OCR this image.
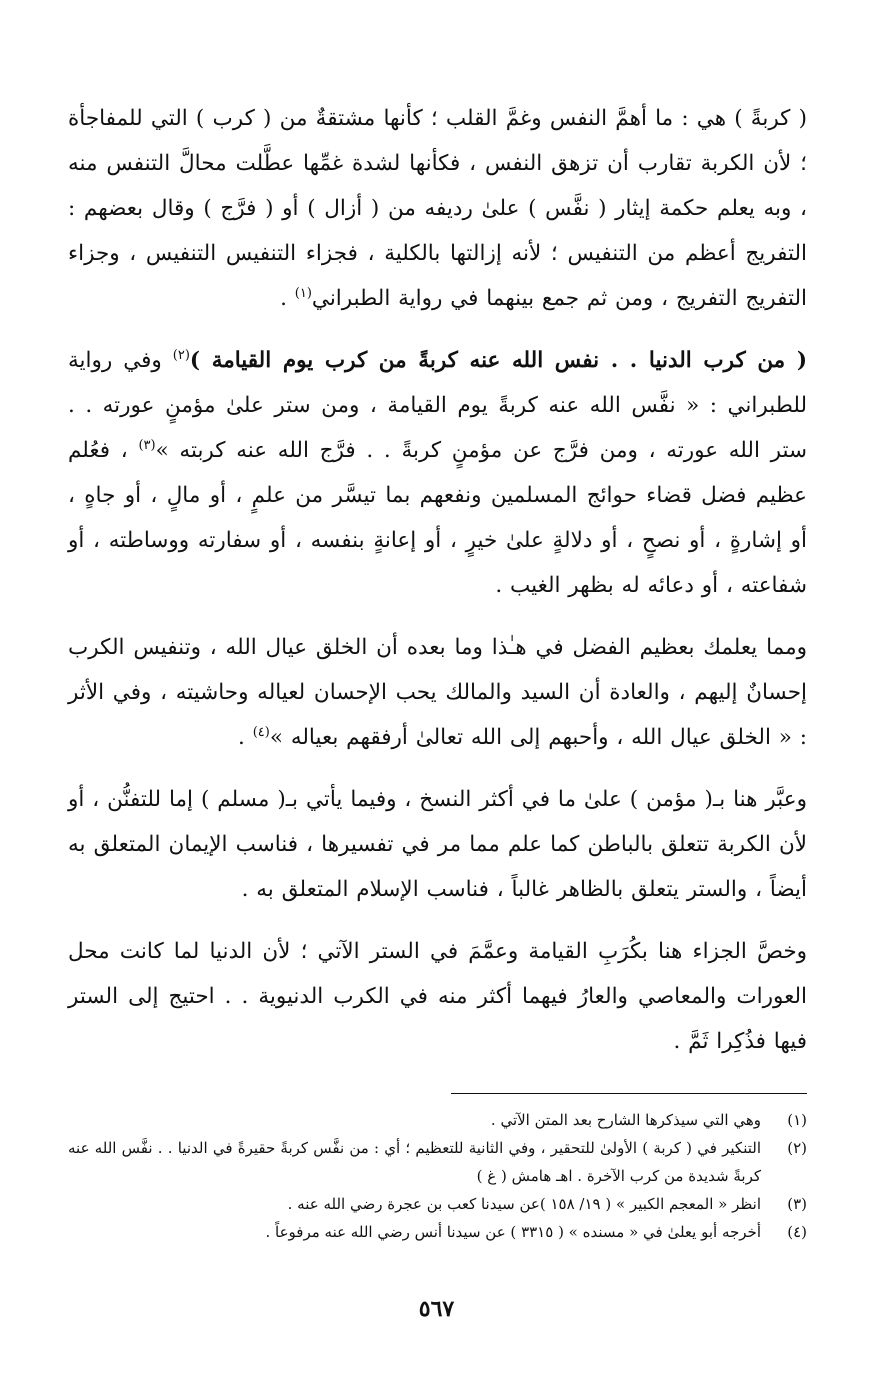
( كربةً ) هي : ما أهمَّ النفس وغمَّ القلب ؛ كأنها مشتقةٌ من ( كرب ) التي للمفاجأة ؛ لأن الكربة تقارب أن تزهق النفس ، فكأنها لشدة غمِّها عطَّلت محالَّ التنفس منه ، وبه يعلم حكمة إيثار ( نفَّس ) علىٰ رديفه من ( أزال ) أو ( فرَّج ) وقال بعضهم : التفريج أعظم من التنفيس ؛ لأنه إزالتها بالكلية ، فجزاء التنفيس التنفيس ، وجزاء التفريج التفريج ، ومن ثم جمع بينهما في رواية الطبراني$^{(١)}$ .

( من كرب الدنيا . . نفس الله عنه كربةً من كرب يوم القيامة )$^{(٢)}$ وفي رواية للطبراني : « نفَّس الله عنه كربةً يوم القيامة ، ومن ستر علىٰ مؤمنٍ عورته . . ستر الله عورته ، ومن فرَّج عن مؤمنٍ كربةً . . فرَّج الله عنه كربته »$^{(٣)}$ ، فعُلم عظيم فضل قضاء حوائج المسلمين ونفعهم بما تيسَّر من علمٍ ، أو مالٍ ، أو جاهٍ ، أو إشارةٍ ، أو نصحٍ ، أو دلالةٍ علىٰ خيرٍ ، أو إعانةٍ بنفسه ، أو سفارته ووساطته ، أو شفاعته ، أو دعائه له بظهر الغيب .

ومما يعلمك بعظيم الفضل في هـٰذا وما بعده أن الخلق عيال الله ، وتنفيس الكرب إحسانٌ إليهم ، والعادة أن السيد والمالك يحب الإحسان لعياله وحاشيته ، وفي الأثر : « الخلق عيال الله ، وأحبهم إلى الله تعالىٰ أرفقهم بعياله »$^{(٤)}$ .

وعبَّر هنا بـ( مؤمن ) علىٰ ما في أكثر النسخ ، وفيما يأتي بـ( مسلم ) إما للتفنُّن ، أو لأن الكربة تتعلق بالباطن كما علم مما مر في تفسيرها ، فناسب الإيمان المتعلق به أيضاً ، والستر يتعلق بالظاهر غالباً ، فناسب الإسلام المتعلق به .

وخصَّ الجزاء هنا بكُرَبِ القيامة وعمَّمَ في الستر الآتي ؛ لأن الدنيا لما كانت محل العورات والمعاصي والعارُ فيهما أكثر منه في الكرب الدنيوية . . احتيج إلى الستر فيها فذُكِرا ثَمَّ .

(١)
وهي التي سيذكرها الشارح بعد المتن الآتي .
(٢)
التنكير في ( كربة ) الأولىٰ للتحقير ، وفي الثانية للتعظيم ؛ أي : من نفَّس كربةً حقيرةً في الدنيا . . نفَّس الله عنه كربةً شديدة من كرب الآخرة . اهـ هامش ( غ )
(٣)
انظر « المعجم الكبير » ( ١٩/ ١٥٨ )عن سيدنا كعب بن عجرة رضي الله عنه .
(٤)
أخرجه أبو يعلىٰ في « مسنده » ( ٣٣١٥ ) عن سيدنا أنس رضي الله عنه مرفوعاً .
٥٦٧
